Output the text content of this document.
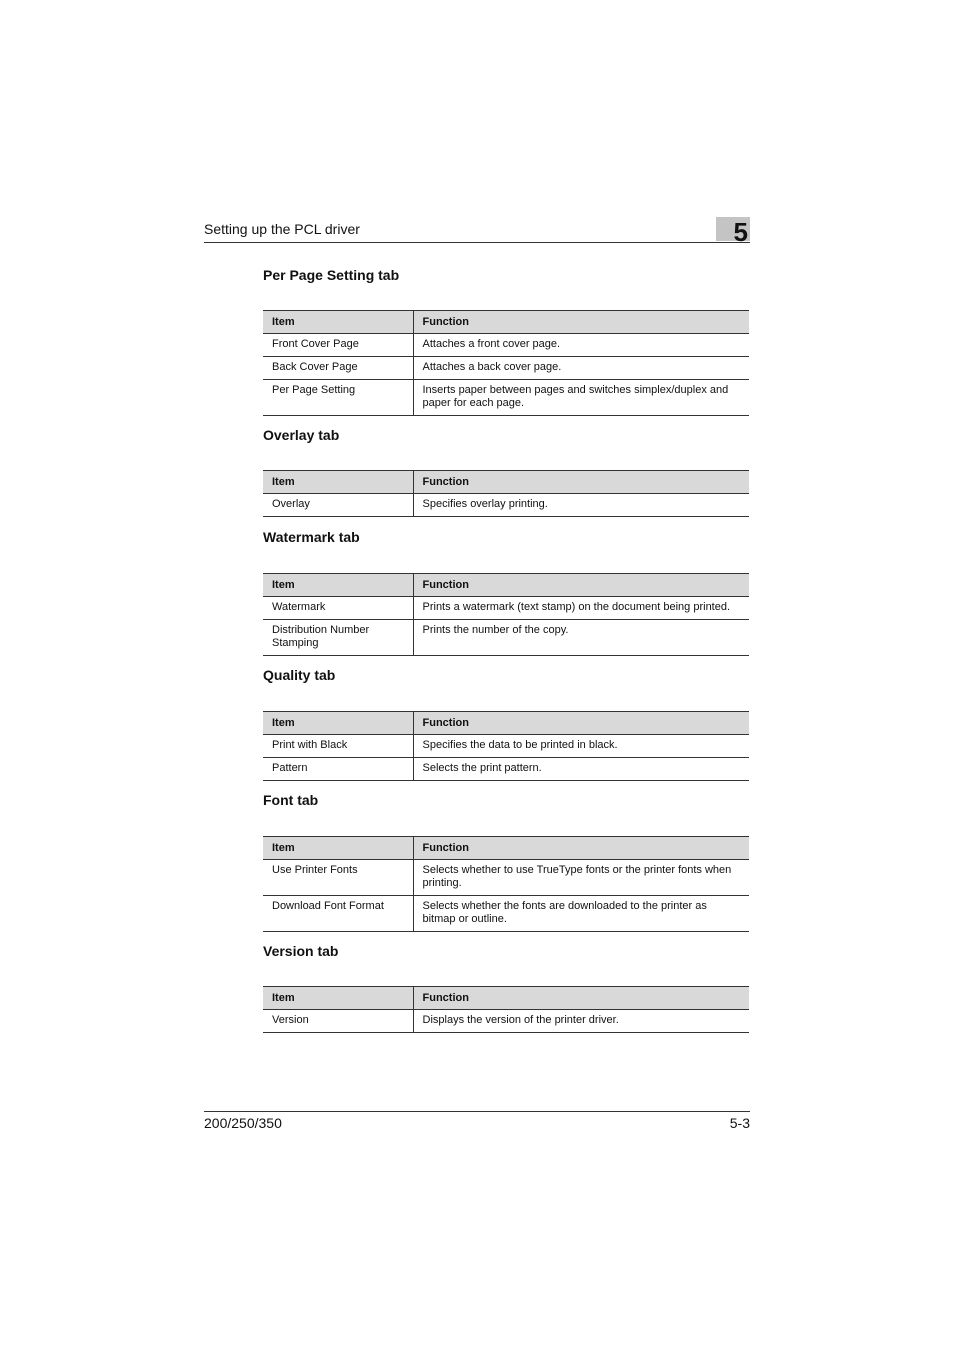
Setting up the PCL driver	5
Per Page Setting tab
Item	Function
Front Cover Page	Attaches a front cover page.
Back Cover Page	Attaches a back cover page.
Per Page Setting	Inserts paper between pages and switches simplex/duplex and paper for each page.
Overlay tab
Item	Function
Overlay	Specifies overlay printing.
Watermark tab
Item	Function
Watermark	Prints a watermark (text stamp) on the document being printed.
Distribution Number Stamping	Prints the number of the copy.
Quality tab
Item	Function
Print with Black	Specifies the data to be printed in black.
Pattern	Selects the print pattern.
Font tab
Item	Function
Use Printer Fonts	Selects whether to use TrueType fonts or the printer fonts when printing.
Download Font Format	Selects whether the fonts are downloaded to the printer as bitmap or outline.
Version tab
Item	Function
Version	Displays the version of the printer driver.
200/250/350	5-3
